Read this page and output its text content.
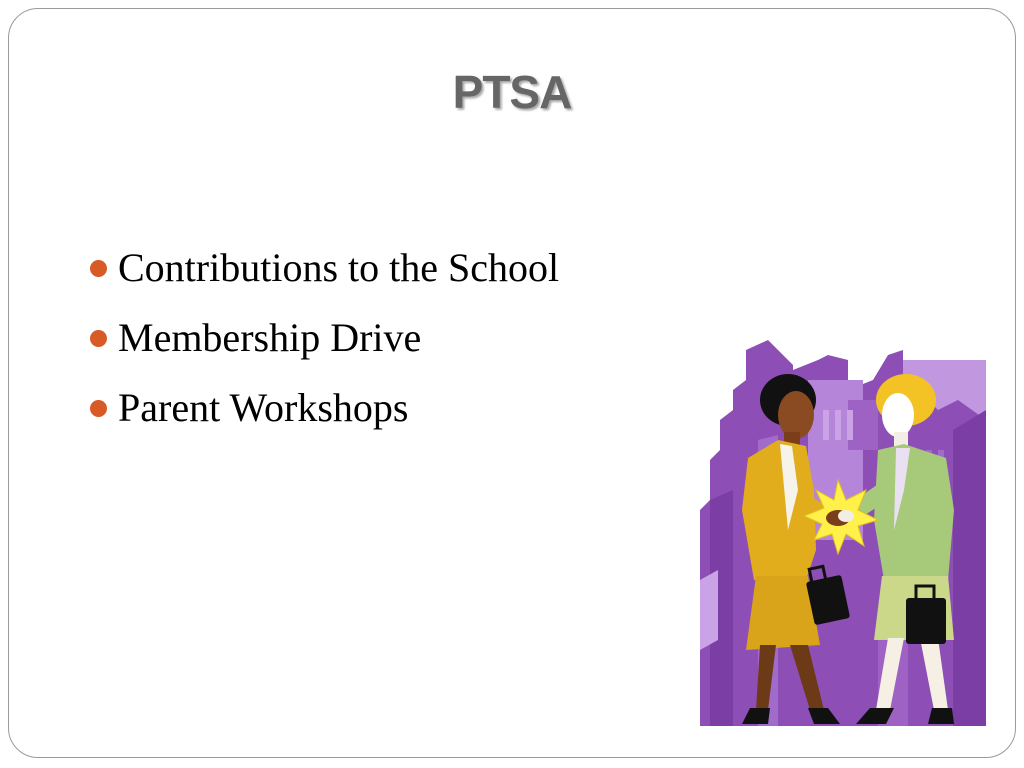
PTSA
Contributions to the School
Membership Drive
Parent Workshops
